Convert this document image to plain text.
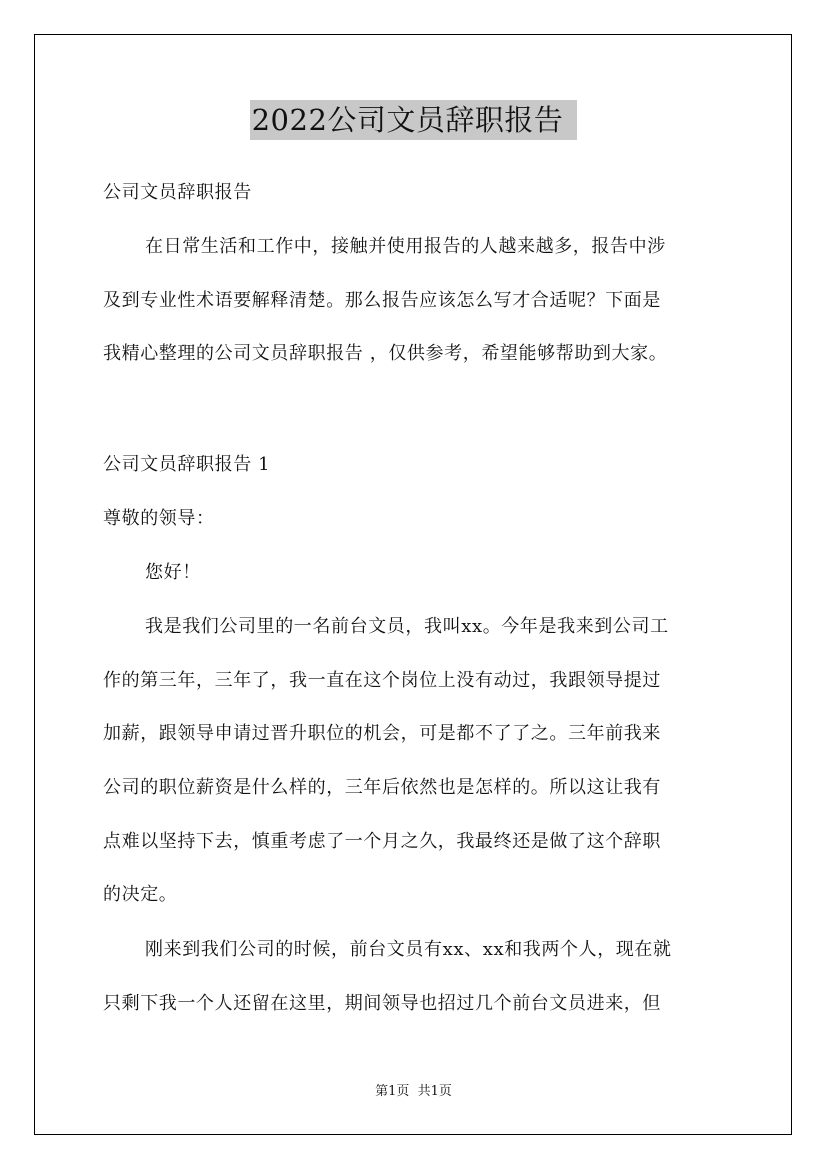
2022公司文员辞职报告
公司文员辞职报告
在日常生活和工作中，接触并使用报告的人越来越多，报告中涉
及到专业性术语要解释清楚。那么报告应该怎么写才合适呢？下面是
我精心整理的公司文员辞职报告 ，仅供参考，希望能够帮助到大家。
公司文员辞职报告 1
尊敬的领导：
您好！
我是我们公司里的一名前台文员，我叫xx。今年是我来到公司工
作的第三年，三年了，我一直在这个岗位上没有动过，我跟领导提过
加薪，跟领导申请过晋升职位的机会，可是都不了了之。三年前我来
公司的职位薪资是什么样的，三年后依然也是怎样的。所以这让我有
点难以坚持下去，慎重考虑了一个月之久，我最终还是做了这个辞职
的决定。
刚来到我们公司的时候，前台文员有xx、xx和我两个人，现在就
只剩下我一个人还留在这里，期间领导也招过几个前台文员进来，但
第1页  共1页
